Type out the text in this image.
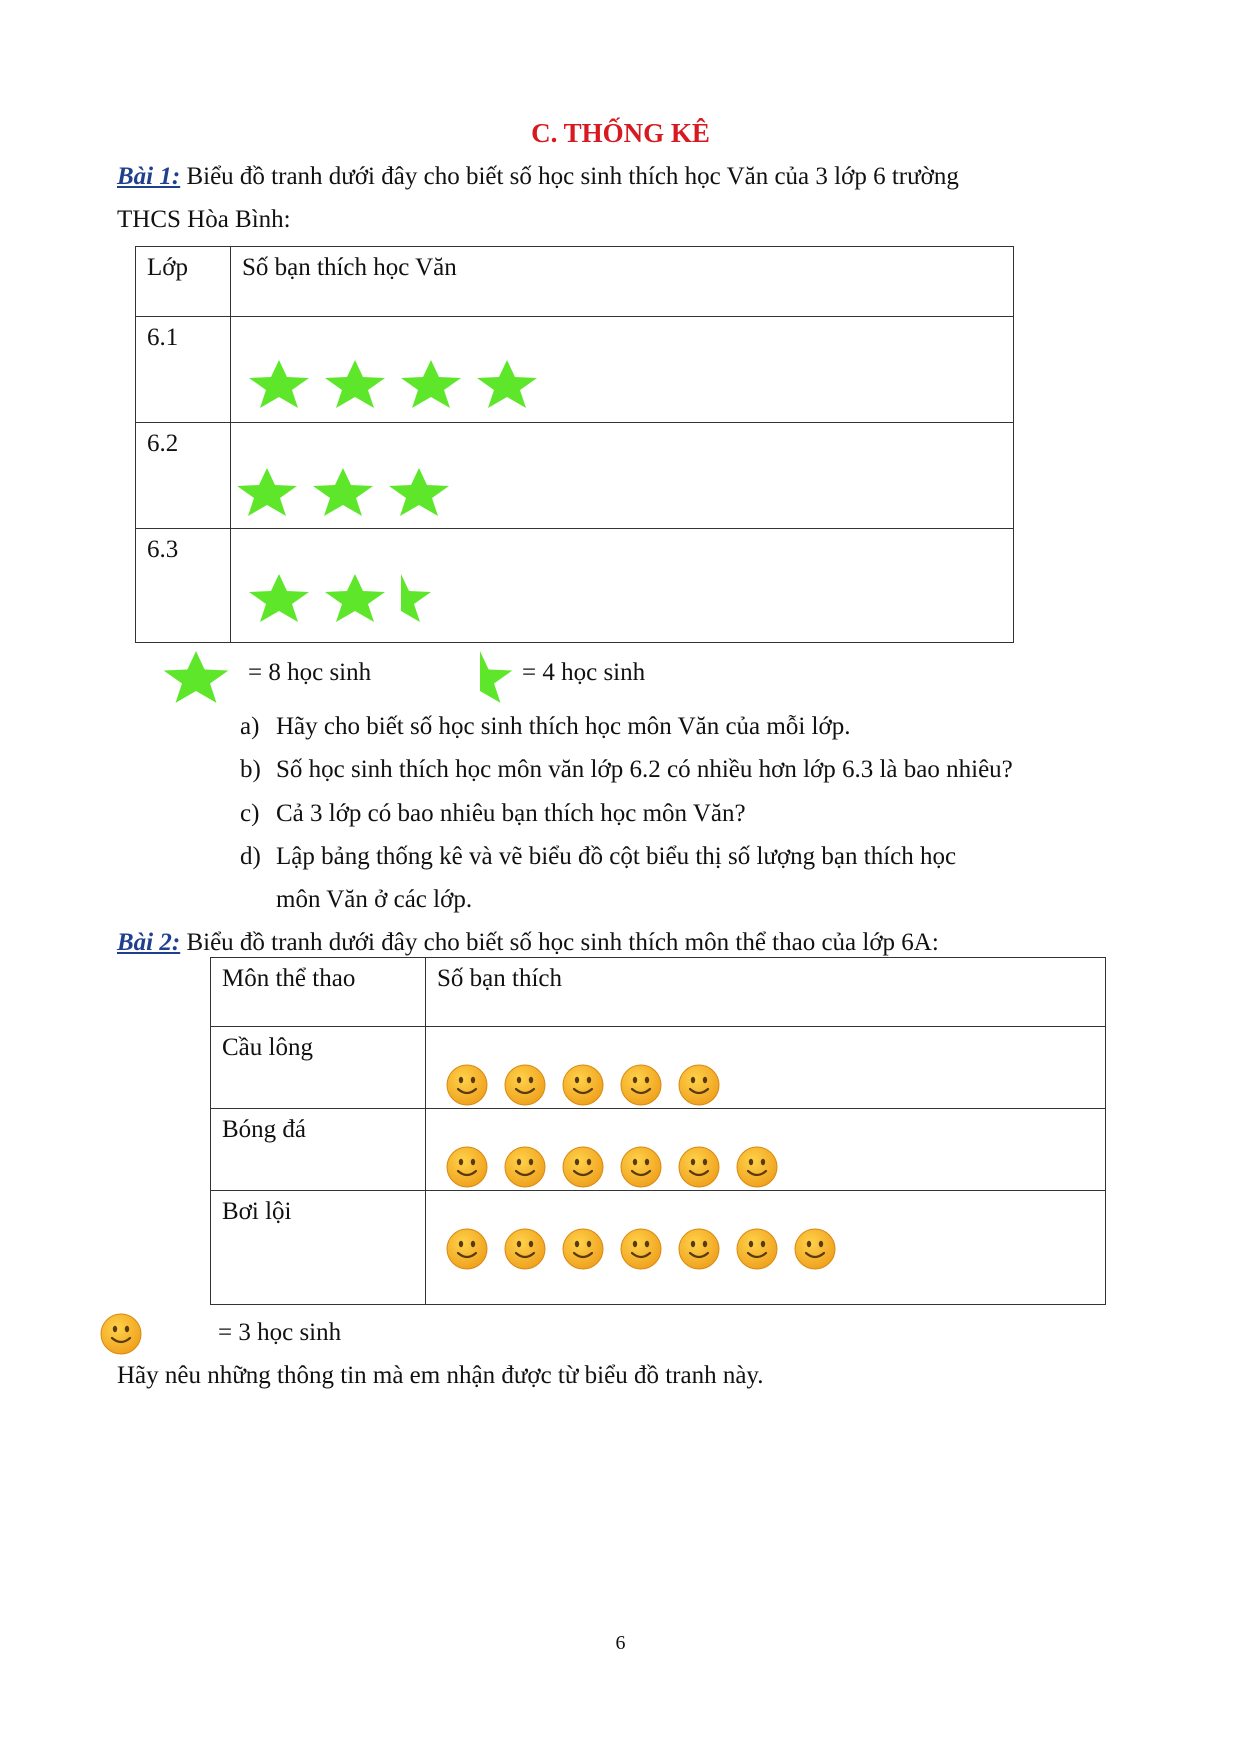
C. THỐNG KÊ
Bài 1: Biểu đồ tranh dưới đây cho biết số học sinh thích học Văn của 3 lớp 6 trường
THCS Hòa Bình:
Lớp	Số bạn thích học Văn

6.1

6.2

6.3

= 8 học sinh	= 4 học sinh
a) Hãy cho biết số học sinh thích học môn Văn của mỗi lớp.
b) Số học sinh thích học môn văn lớp 6.2 có nhiều hơn lớp 6.3 là bao nhiêu?
c) Cả 3 lớp có bao nhiêu bạn thích học môn Văn?
d) Lập bảng thống kê và vẽ biểu đồ cột biểu thị số lượng bạn thích học
môn Văn ở các lớp.
Bài 2: Biểu đồ tranh dưới đây cho biết số học sinh thích môn thể thao của lớp 6A:
Môn thể thao	Số bạn thích

Cầu lông

Bóng đá

Bơi lội

= 3 học sinh
Hãy nêu những thông tin mà em nhận được từ biểu đồ tranh này.
6
